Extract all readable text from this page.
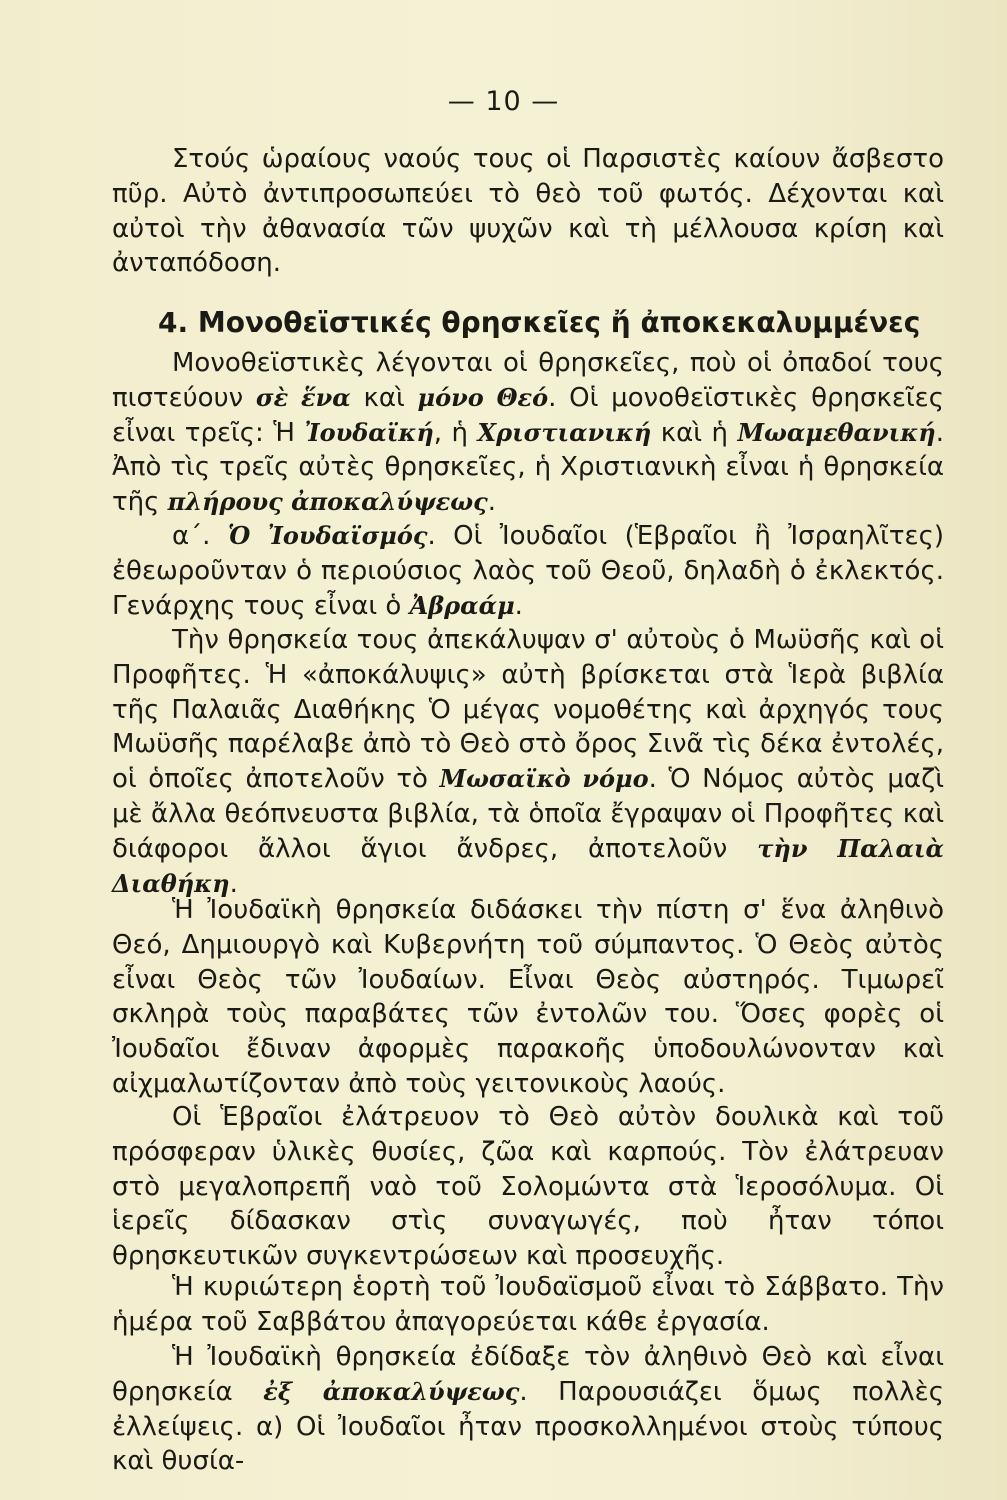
— 10 —

Στούς ὡραίους ναούς τους οἱ Παρσιστὲς καίουν ἄσβεστο πῦρ. Αὐτὸ ἀντιπροσωπεύει τὸ θεὸ τοῦ φωτός. Δέχονται καὶ αὐτοὶ τὴν ἀθανασία τῶν ψυχῶν καὶ τὴ μέλλουσα κρίση καὶ ἀνταπόδοση.

4. Μονοθεϊστικές θρησκεῖες ἤ ἀποκεκαλυμμένες

Μονοθεϊστικὲς λέγονται οἱ θρησκεῖες, ποὺ οἱ ὀπαδοί τους πιστεύουν σὲ ἕνα καὶ μόνο Θεό. Οἱ μονοθεϊστικὲς θρησκεῖες εἶναι τρεῖς: Ἡ Ἰουδαϊκή, ἡ Χριστιανική καὶ ἡ Μωαμεθανική. Ἀπὸ τὶς τρεῖς αὐτὲς θρησκεῖες, ἡ Χριστιανικὴ εἶναι ἡ θρησκεία τῆς πλήρους ἀποκαλύψεως.

α΄. Ὁ Ἰουδαϊσμός. Οἱ Ἰουδαῖοι (Ἑβραῖοι ἢ Ἰσραηλῖτες) ἐθεωροῦνταν ὁ περιούσιος λαὸς τοῦ Θεοῦ, δηλαδὴ ὁ ἐκλεκτός. Γενάρχης τους εἶναι ὁ Ἀβραάμ.

Τὴν θρησκεία τους ἀπεκάλυψαν σ' αὐτοὺς ὁ Μωϋσῆς καὶ οἱ Προφῆτες. Ἡ «ἀποκάλυψις» αὐτὴ βρίσκεται στὰ Ἱερὰ βιβλία τῆς Παλαιᾶς Διαθήκης Ὁ μέγας νομοθέτης καὶ ἀρχηγός τους Μωϋσῆς παρέλαβε ἀπὸ τὸ Θεὸ στὸ ὄρος Σινᾶ τὶς δέκα ἐντολές, οἱ ὁποῖες ἀποτελοῦν τὸ Μωσαϊκὸ νόμο. Ὁ Νόμος αὐτὸς μαζὶ μὲ ἄλλα θεόπνευστα βιβλία, τὰ ὁποῖα ἔγραψαν οἱ Προφῆτες καὶ διάφοροι ἄλλοι ἅγιοι ἄνδρες, ἀποτελοῦν τὴν Παλαιὰ Διαθήκη.

Ἡ Ἰουδαϊκὴ θρησκεία διδάσκει τὴν πίστη σ' ἕνα ἀληθινὸ Θεό, Δημιουργὸ καὶ Κυβερνήτη τοῦ σύμπαντος. Ὁ Θεὸς αὐτὸς εἶναι Θεὸς τῶν Ἰουδαίων. Εἶναι Θεὸς αὐστηρός. Τιμωρεῖ σκληρὰ τοὺς παραβάτες τῶν ἐντολῶν του. Ὅσες φορὲς οἱ Ἰουδαῖοι ἔδιναν ἀφορμὲς παρακοῆς ὑποδουλώνονταν καὶ αἰχμαλωτίζονταν ἀπὸ τοὺς γειτονικοὺς λαούς.

Οἱ Ἑβραῖοι ἐλάτρευον τὸ Θεὸ αὐτὸν δουλικὰ καὶ τοῦ πρόσφεραν ὑλικὲς θυσίες, ζῶα καὶ καρπούς. Τὸν ἐλάτρευαν στὸ μεγαλοπρεπῆ ναὸ τοῦ Σολομώντα στὰ Ἱεροσόλυμα. Οἱ ἱερεῖς δίδασκαν στὶς συναγωγές, ποὺ ἦταν τόποι θρησκευτικῶν συγκεντρώσεων καὶ προσευχῆς.

Ἡ κυριώτερη ἑορτὴ τοῦ Ἰουδαϊσμοῦ εἶναι τὸ Σάββατο. Τὴν ἡμέρα τοῦ Σαββάτου ἀπαγορεύεται κάθε ἐργασία.

Ἡ Ἰουδαϊκὴ θρησκεία ἐδίδαξε τὸν ἀληθινὸ Θεὸ καὶ εἶναι θρησκεία ἐξ ἀποκαλύψεως. Παρουσιάζει ὅμως πολλὲς ἐλλείψεις. α) Οἱ Ἰουδαῖοι ἦταν προσκολλημένοι στοὺς τύπους καὶ θυσία-
